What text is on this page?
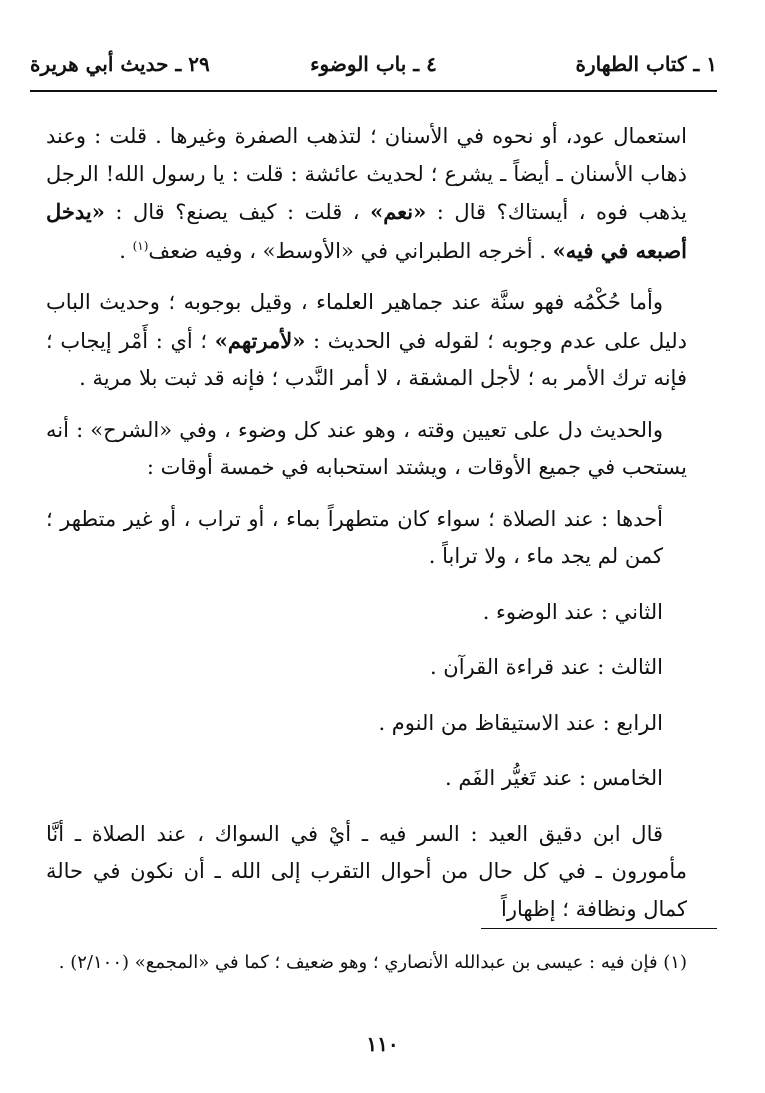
١ ـ كتاب الطهارة
٤ ـ باب الوضوء
٢٩ ـ حديث أبي هريرة

استعمال عود، أو نحوه في الأسنان ؛ لتذهب الصفرة وغيرها . قلت : وعند ذهاب الأسنان ـ أيضاً ـ يشرع ؛ لحديث عائشة : قلت : يا رسول الله! الرجل يذهب فوه ، أيستاك؟ قال : «نعم» ، قلت : كيف يصنع؟ قال : «يدخل أصبعه في فيه» . أخرجه الطبراني في «الأوسط» ، وفيه ضعف$^{(١)}$ .

وأما حُكْمُه فهو سنَّة عند جماهير العلماء ، وقيل بوجوبه ؛ وحديث الباب دليل على عدم وجوبه ؛ لقوله في الحديث : «لأمرتهم» ؛ أي : أَمْر إيجاب ؛ فإنه ترك الأمر به ؛ لأجل المشقة ، لا أمر النَّدب ؛ فإنه قد ثبت بلا مرية .

والحديث دل على تعيين وقته ، وهو عند كل وضوء ، وفي «الشرح» : أنه يستحب في جميع الأوقات ، ويشتد استحبابه في خمسة أوقات :

أحدها : عند الصلاة ؛ سواء كان متطهراً بماء ، أو تراب ، أو غير متطهر ؛ كمن لم يجد ماء ، ولا تراباً .

الثاني : عند الوضوء .

الثالث : عند قراءة القرآن .

الرابع : عند الاستيقاظ من النوم .

الخامس : عند تَغيُّر الفَم .

قال ابن دقيق العيد : السر فيه ـ أيْ في السواك ، عند الصلاة ـ أنَّا مأمورون ـ في كل حال من أحوال التقرب إلى الله ـ أن نكون في حالة كمال ونظافة ؛ إظهاراً

(١) فإن فيه : عيسى بن عبدالله الأنصاري ؛ وهو ضعيف ؛ كما في «المجمع» (٢/١٠٠) .
١١٠
